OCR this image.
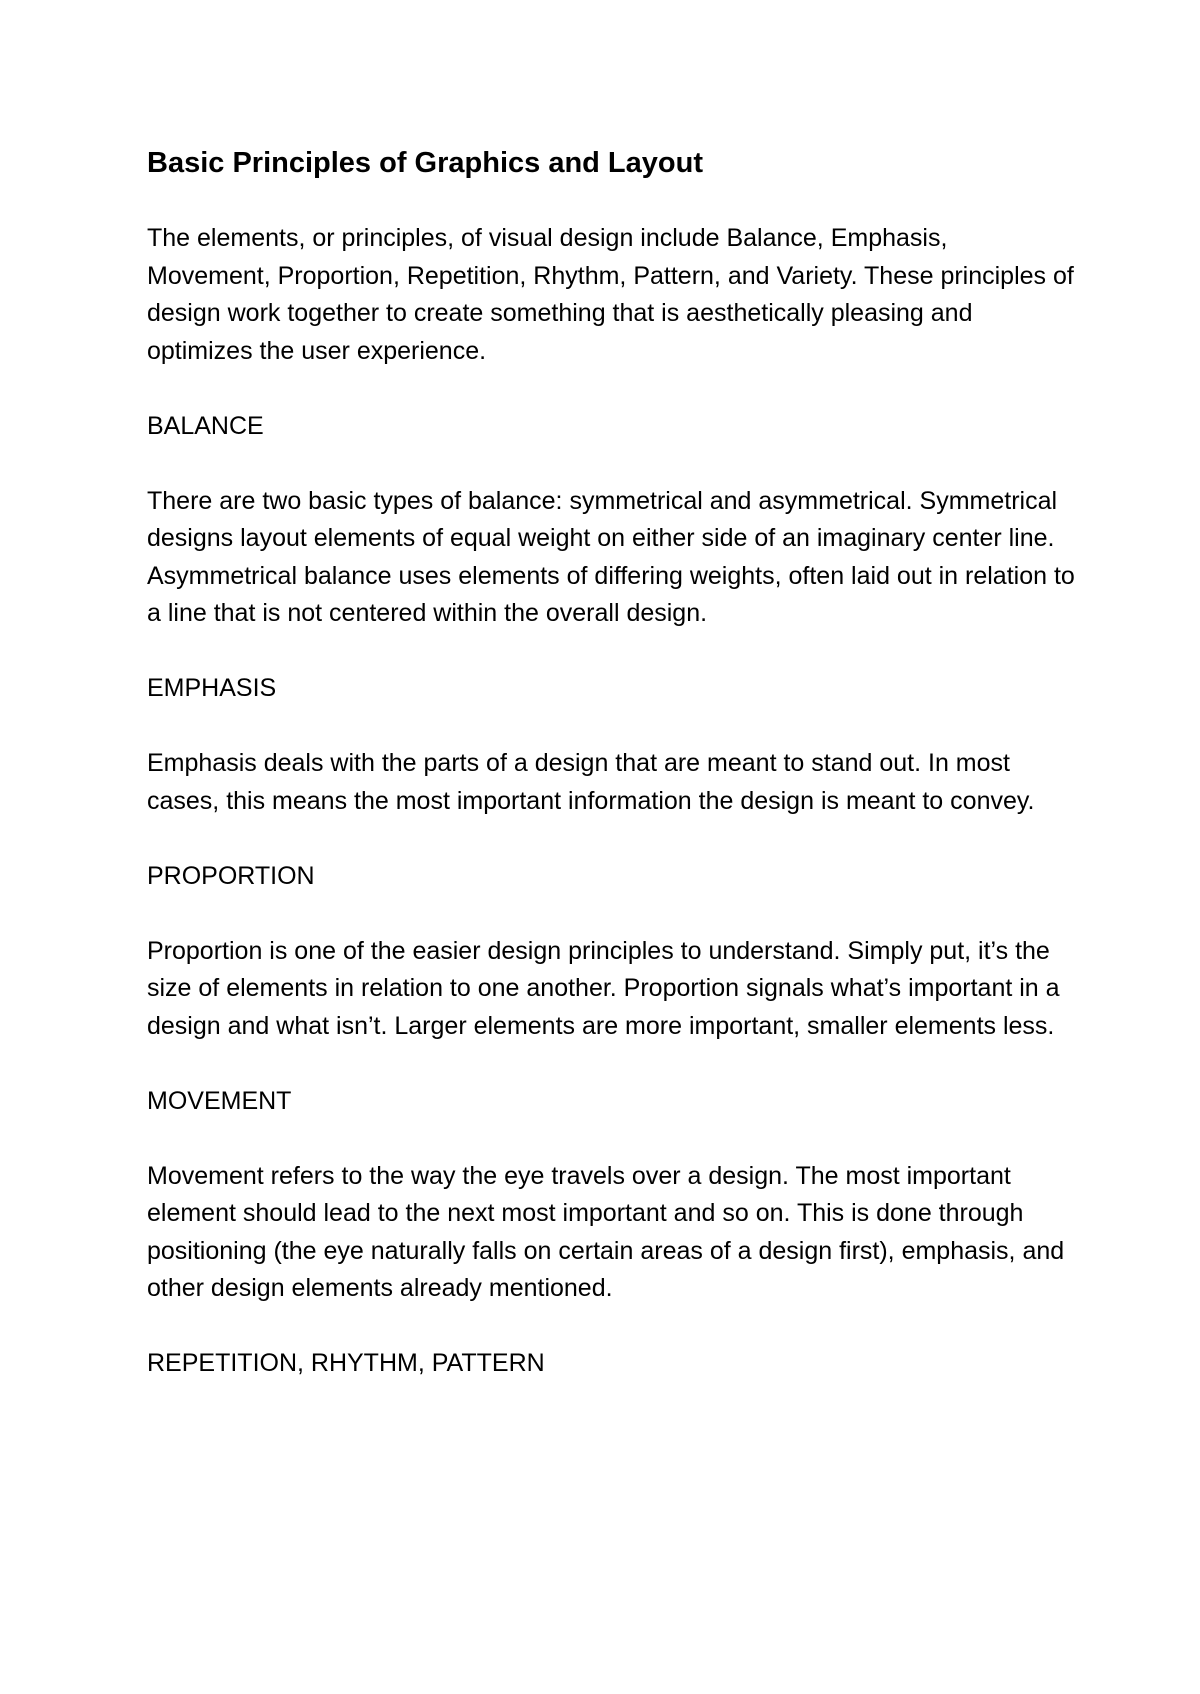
Basic Principles of Graphics and Layout

The elements, or principles, of visual design include Balance, Emphasis, Movement, Proportion, Repetition, Rhythm, Pattern, and Variety. These principles of design work together to create something that is aesthetically pleasing and optimizes the user experience.

BALANCE

There are two basic types of balance: symmetrical and asymmetrical. Symmetrical designs layout elements of equal weight on either side of an imaginary center line. Asymmetrical balance uses elements of differing weights, often laid out in relation to a line that is not centered within the overall design.

EMPHASIS

Emphasis deals with the parts of a design that are meant to stand out. In most cases, this means the most important information the design is meant to convey.

PROPORTION

Proportion is one of the easier design principles to understand. Simply put, it’s the size of elements in relation to one another. Proportion signals what’s important in a design and what isn’t. Larger elements are more important, smaller elements less.

MOVEMENT

Movement refers to the way the eye travels over a design. The most important element should lead to the next most important and so on. This is done through positioning (the eye naturally falls on certain areas of a design first), emphasis, and other design elements already mentioned.

REPETITION, RHYTHM, PATTERN
